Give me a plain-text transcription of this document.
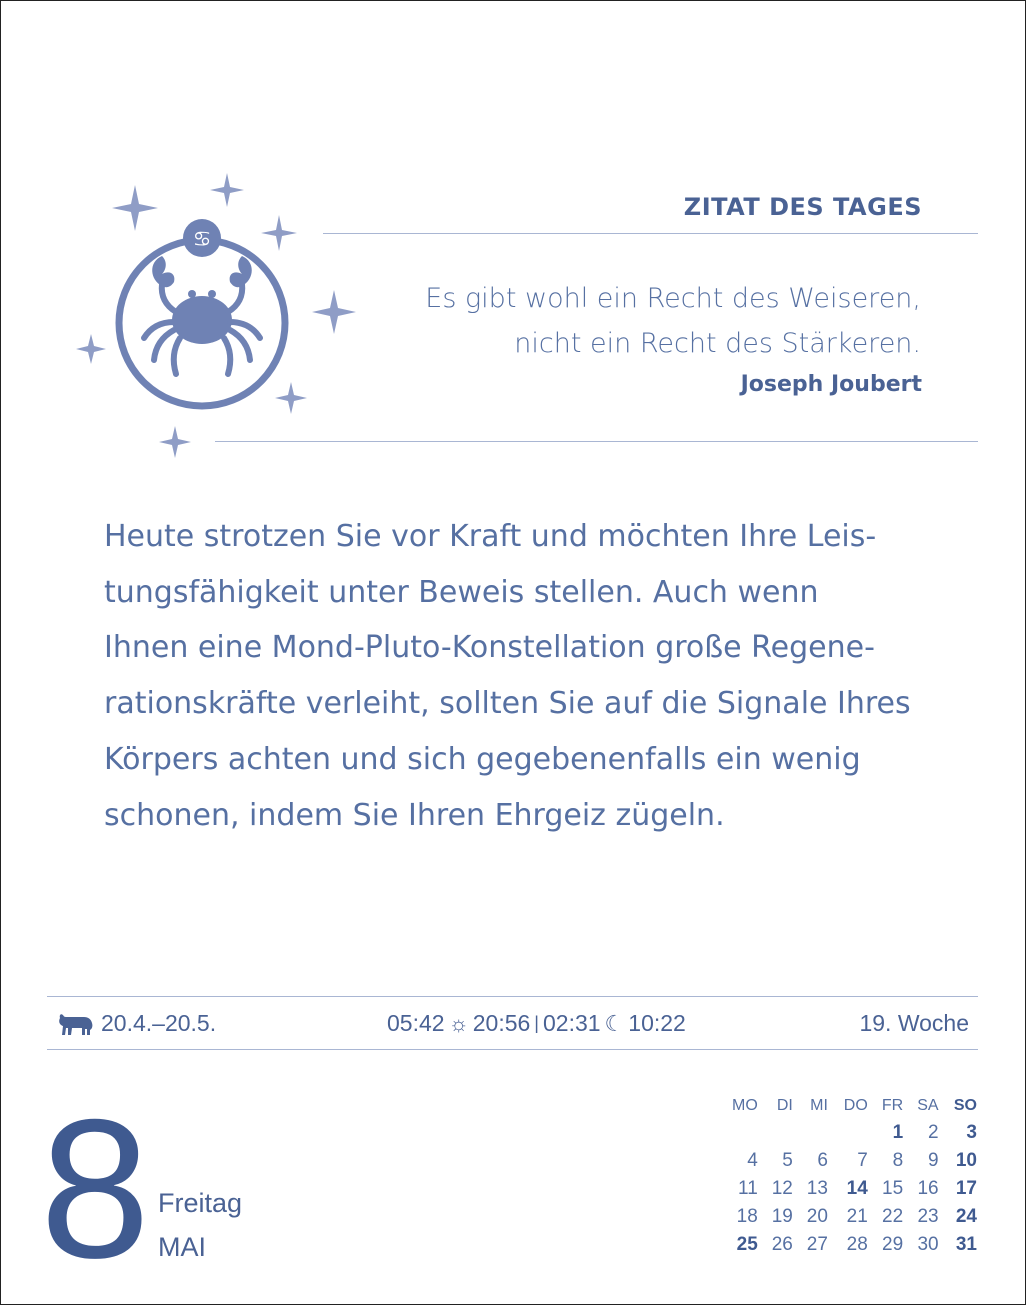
♋
ZITAT DES TAGES
Es gibt wohl ein Recht des Weiseren,
nicht ein Recht des Stärkeren.
Joseph Joubert
Heute strotzen Sie vor Kraft und möchten Ihre Leis-
tungsfähigkeit unter Beweis stellen. Auch wenn
Ihnen eine Mond-Pluto-Konstellation große Regene-
rationskräfte verleiht, sollten Sie auf die Signale Ihres
Körpers achten und sich gegebenenfalls ein wenig
schonen, indem Sie Ihren Ehrgeiz zügeln.
20.4.–20.5.	05:42 ☼ 20:56 | 02:31 ☾ 10:22	19. Woche
8 Freitag
MAI
MO	DI	MI	DO	FR	SA	SO
				1	2	3
4	5	6	7	8	9	10
11	12	13	14	15	16	17
18	19	20	21	22	23	24
25	26	27	28	29	30	31
